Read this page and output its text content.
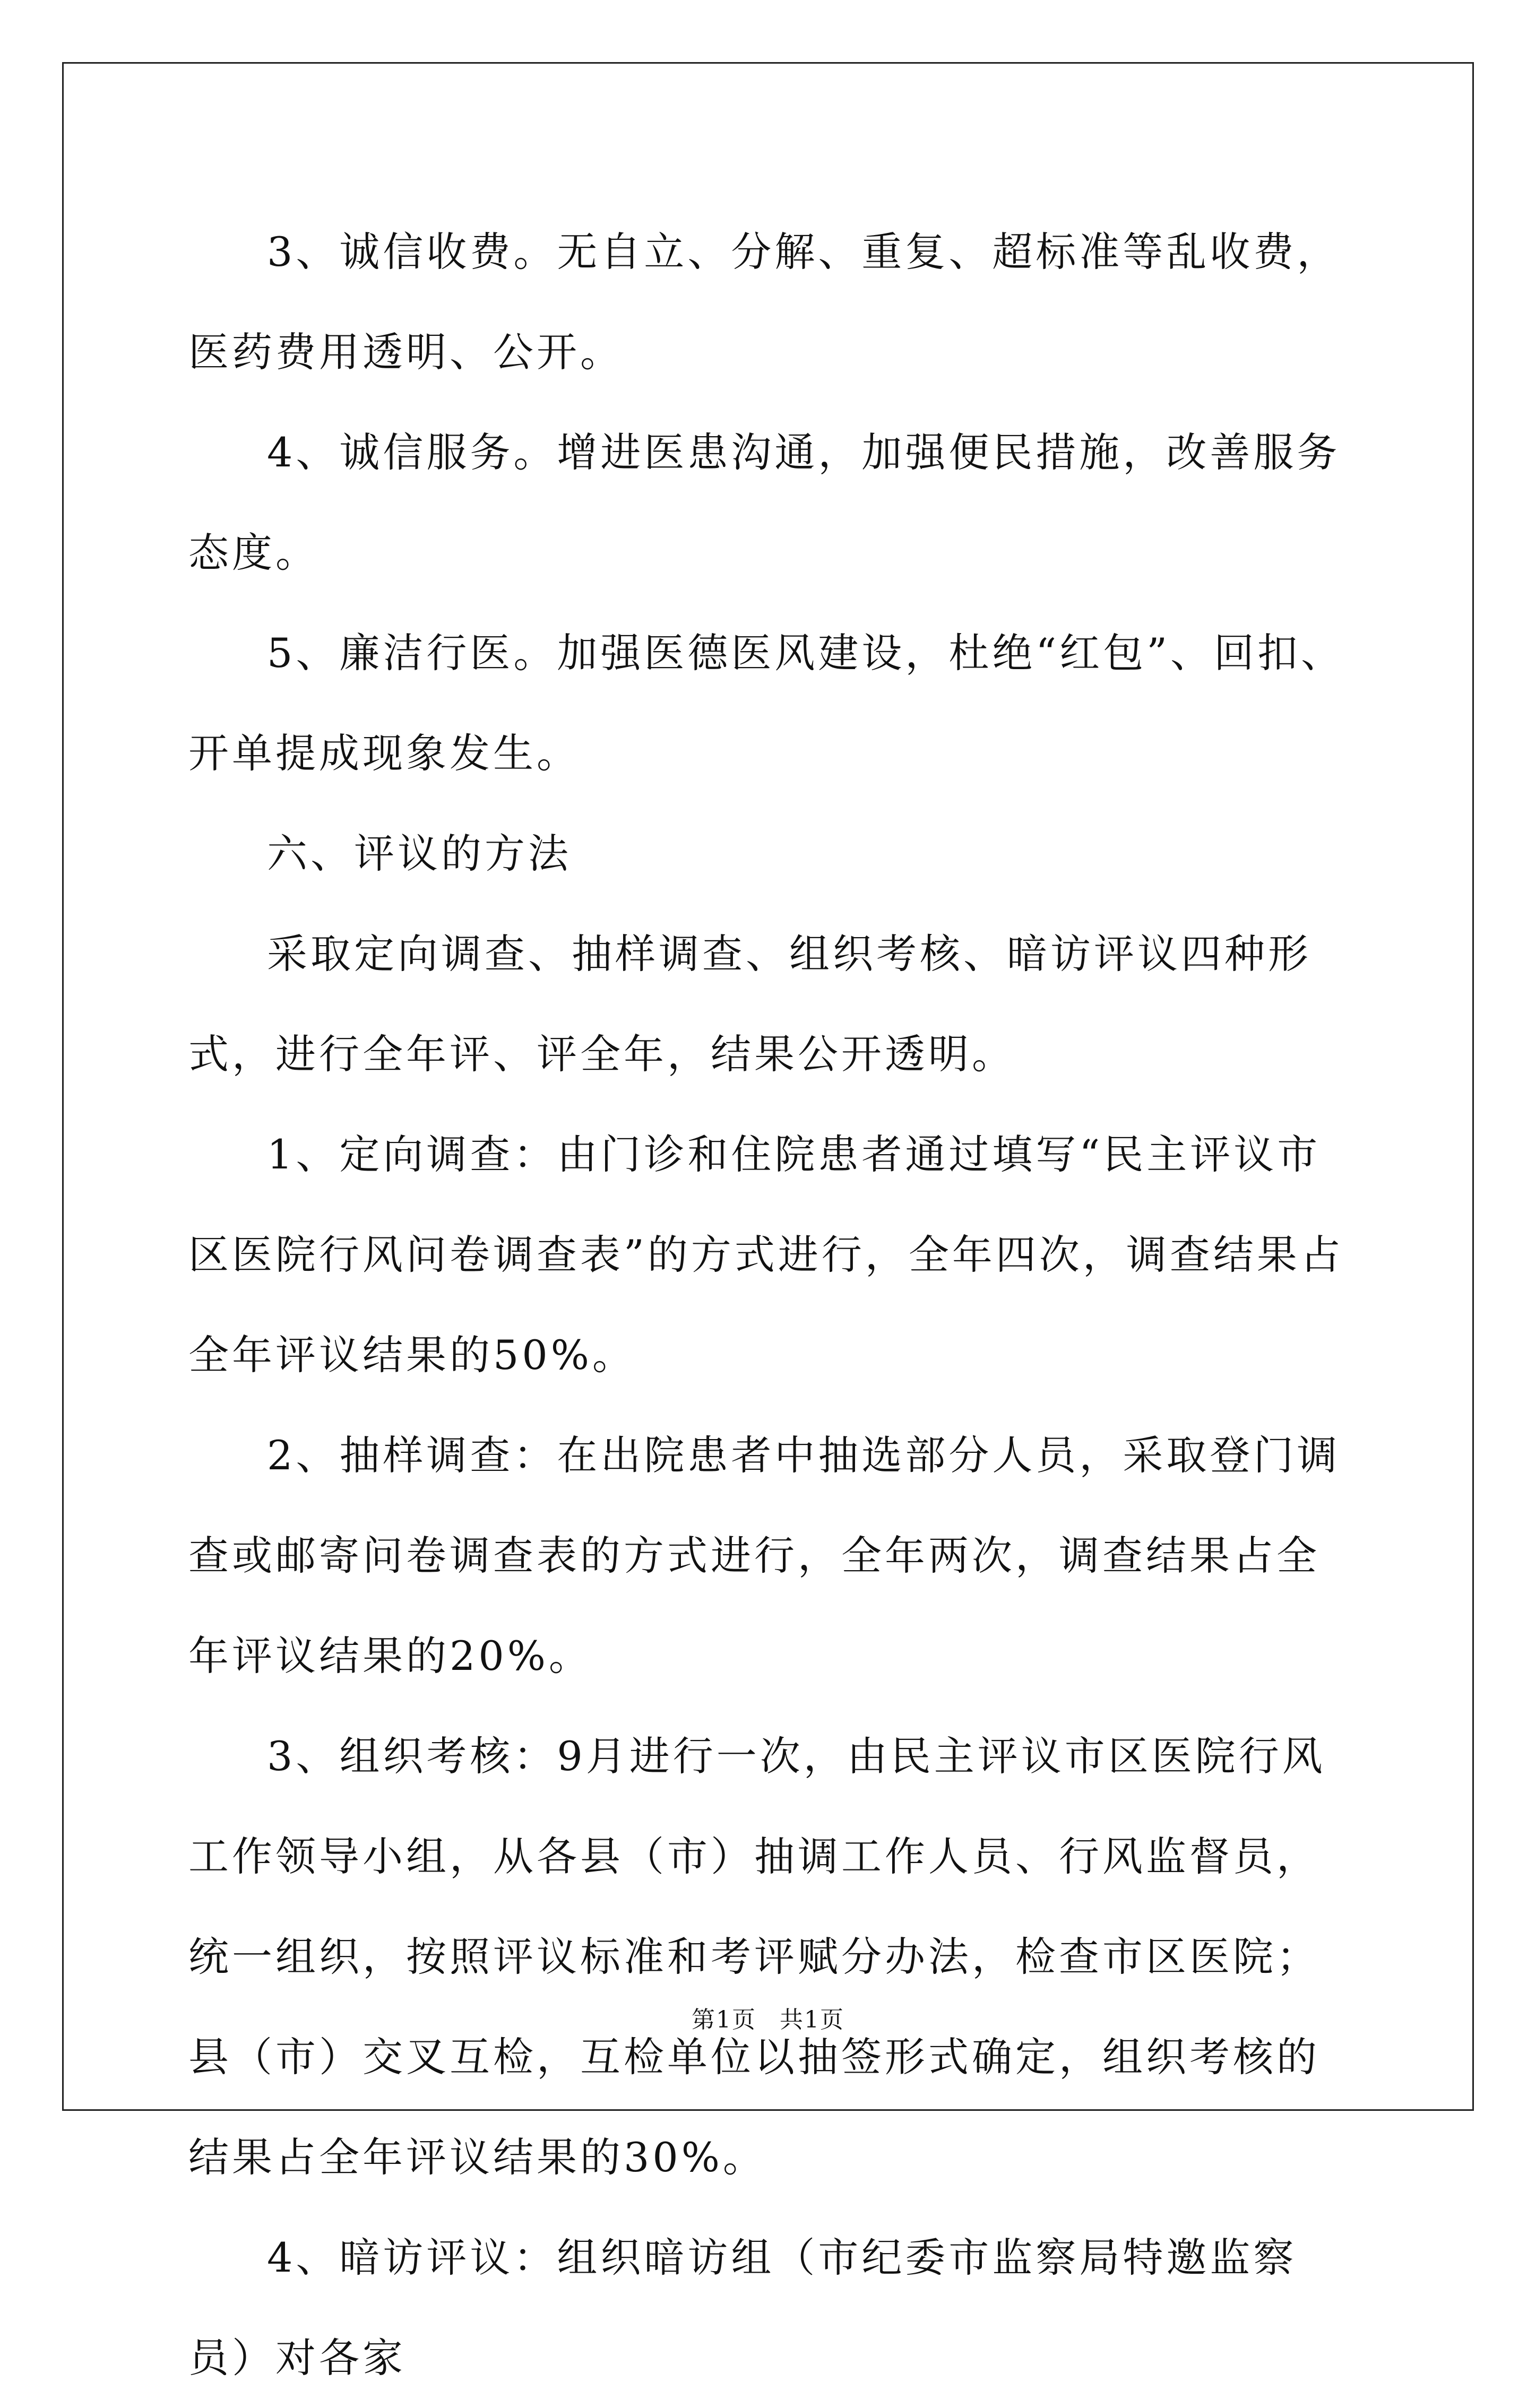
3、诚信收费。无自立、分解、重复、超标准等乱收费，医药费用透明、公开。

4、诚信服务。增进医患沟通，加强便民措施，改善服务态度。

5、廉洁行医。加强医德医风建设，杜绝“红包”、回扣、开单提成现象发生。

六、评议的方法

采取定向调查、抽样调查、组织考核、暗访评议四种形式，进行全年评、评全年，结果公开透明。

1、定向调查：由门诊和住院患者通过填写“民主评议市区医院行风问卷调查表”的方式进行，全年四次，调查结果占全年评议结果的50%。

2、抽样调查：在出院患者中抽选部分人员，采取登门调查或邮寄问卷调查表的方式进行，全年两次，调查结果占全年评议结果的20%。

3、组织考核：9月进行一次，由民主评议市区医院行风工作领导小组，从各县（市）抽调工作人员、行风监督员，统一组织，按照评议标准和考评赋分办法，检查市区医院；县（市）交叉互检，互检单位以抽签形式确定，组织考核的结果占全年评议结果的30%。

4、暗访评议：组织暗访组（市纪委市监察局特邀监察员）对各家

第1页 共1页
